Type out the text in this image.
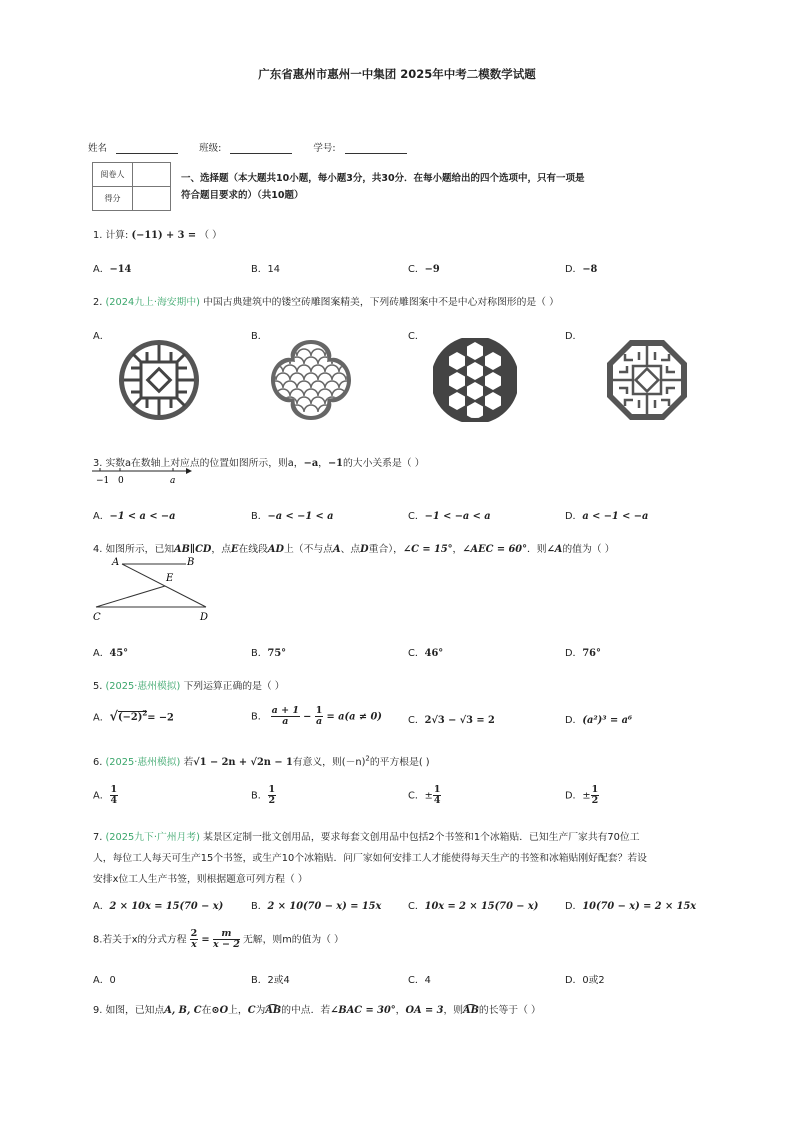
广东省惠州市惠州一中集团 2025年中考二模数学试题
姓名	班级:	学号:
阅卷人	
得分	
一、选择题（本大题共10小题，每小题3分，共30分．在每小题给出的四个选项中，只有一项是
符合题目要求的）（共10题）
1. 计算: (−11) + 3 = （ ）
A．−14	B．14	C．−9	D．−8
2. (2024九上·海安期中) 中国古典建筑中的镂空砖雕图案精美，下列砖雕图案中不是中心对称图形的是（ ）
A．	B．	C．	D．
3. 实数a在数轴上对应点的位置如图所示，则a，−a，−1的大小关系是（ ）
−1 0	a
A．−1 < a < −a	B．−a < −1 < a	C．−1 < −a < a	D．a < −1 < −a
4. 如图所示，已知AB∥CD，点E在线段AD上（不与点A、点D重合），∠C = 15°，∠AEC = 60°．则∠A的值为（ ）
A	B
E
C	D
A．45°	B．75°	C．46°	D．76°
5. (2025·惠州模拟) 下列运算正确的是（ ）
A．$√(-2)^2= -2$	B． $\frac{a + 1}{a} - \frac{1}{a} = a(a \ne 0)$	C．2√3 − √3 = 2	D．(a²)³ = a⁶
6. (2025·惠州模拟) 若√1 − 2n + √2n − 1有意义，则$(-n)^2$的平方根是( )
A． $\frac{1}{4}$	B． $\frac{1}{2}$	C．± $\frac{1}{4}$	D．± $\frac{1}{2}$
7. (2025九下·广州月考) 某景区定制一批文创用品，要求每套文创用品中包括2个书签和1个冰箱贴．已知生产厂家共有70位工
人，每位工人每天可生产15个书签，或生产10个冰箱贴．问厂家如何安排工人才能使得每天生产的书签和冰箱贴刚好配套？若设
安排x位工人生产书签，则根据题意可列方程（ ）
A．2 × 10x = 15(70 − x)	B．2 × 10(70 − x) = 15x	C．10x = 2 × 15(70 − x)	D．10(70 − x) = 2 × 15x
8.若关于x的分式方程 $\frac{2}{x} = \frac{m}{x - 2}$ 无解，则m的值为（ ）
A．0	B．2或4	C．4	D．0或2
9. 如图，已知点A, B, C在⊙O上，C为AB的中点．若∠BAC = 30°，OA = 3，则AB的长等于（ ）
